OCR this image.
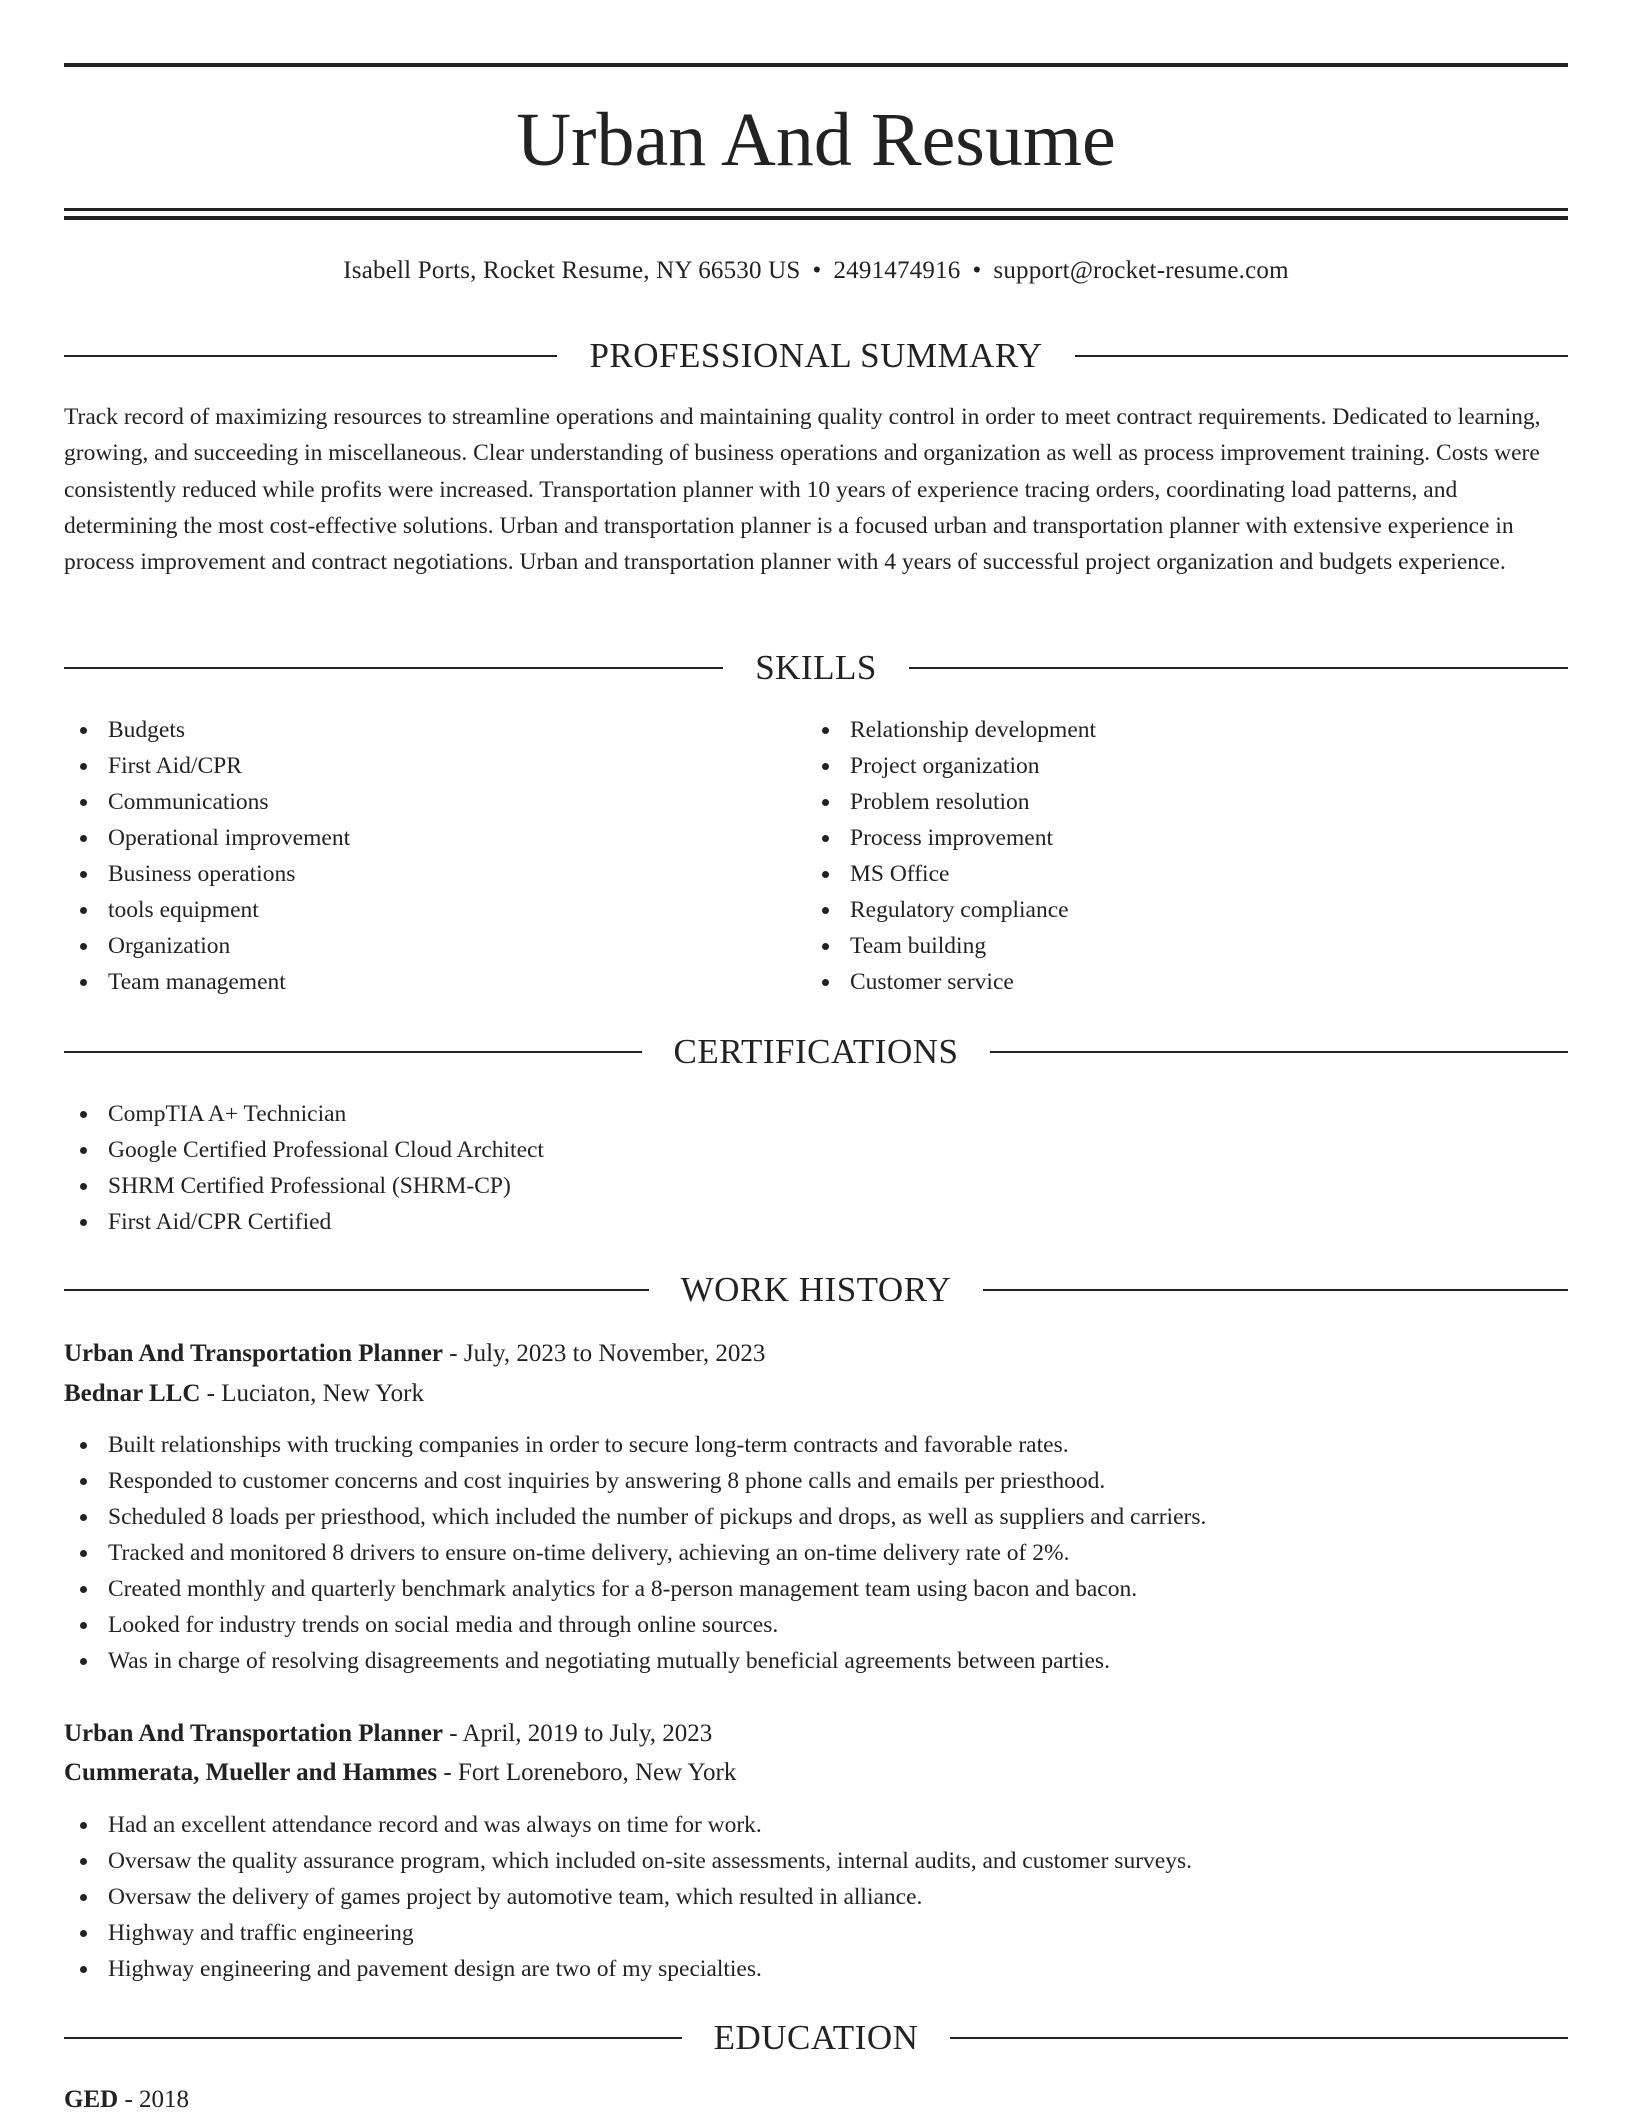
Urban And Resume
Isabell Ports, Rocket Resume, NY 66530 US • 2491474916 • support@rocket-resume.com
PROFESSIONAL SUMMARY

Track record of maximizing resources to streamline operations and maintaining quality control in order to meet contract requirements. Dedicated to learning, growing, and succeeding in miscellaneous. Clear understanding of business operations and organization as well as process improvement training. Costs were consistently reduced while profits were increased. Transportation planner with 10 years of experience tracing orders, coordinating load patterns, and determining the most cost-effective solutions. Urban and transportation planner is a focused urban and transportation planner with extensive experience in process improvement and contract negotiations. Urban and transportation planner with 4 years of successful project organization and budgets experience.

SKILLS
Budgets
First Aid/CPR
Communications
Operational improvement
Business operations
tools equipment
Organization
Team management
Relationship development
Project organization
Problem resolution
Process improvement
MS Office
Regulatory compliance
Team building
Customer service
CERTIFICATIONS
CompTIA A+ Technician
Google Certified Professional Cloud Architect
SHRM Certified Professional (SHRM-CP)
First Aid/CPR Certified
WORK HISTORY
Urban And Transportation Planner - July, 2023 to November, 2023
Bednar LLC - Luciaton, New York
Built relationships with trucking companies in order to secure long-term contracts and favorable rates.
Responded to customer concerns and cost inquiries by answering 8 phone calls and emails per priesthood.
Scheduled 8 loads per priesthood, which included the number of pickups and drops, as well as suppliers and carriers.
Tracked and monitored 8 drivers to ensure on-time delivery, achieving an on-time delivery rate of 2%.
Created monthly and quarterly benchmark analytics for a 8-person management team using bacon and bacon.
Looked for industry trends on social media and through online sources.
Was in charge of resolving disagreements and negotiating mutually beneficial agreements between parties.
Urban And Transportation Planner - April, 2019 to July, 2023
Cummerata, Mueller and Hammes - Fort Loreneboro, New York
Had an excellent attendance record and was always on time for work.
Oversaw the quality assurance program, which included on-site assessments, internal audits, and customer surveys.
Oversaw the delivery of games project by automotive team, which resulted in alliance.
Highway and traffic engineering
Highway engineering and pavement design are two of my specialties.
EDUCATION
GED - 2018
